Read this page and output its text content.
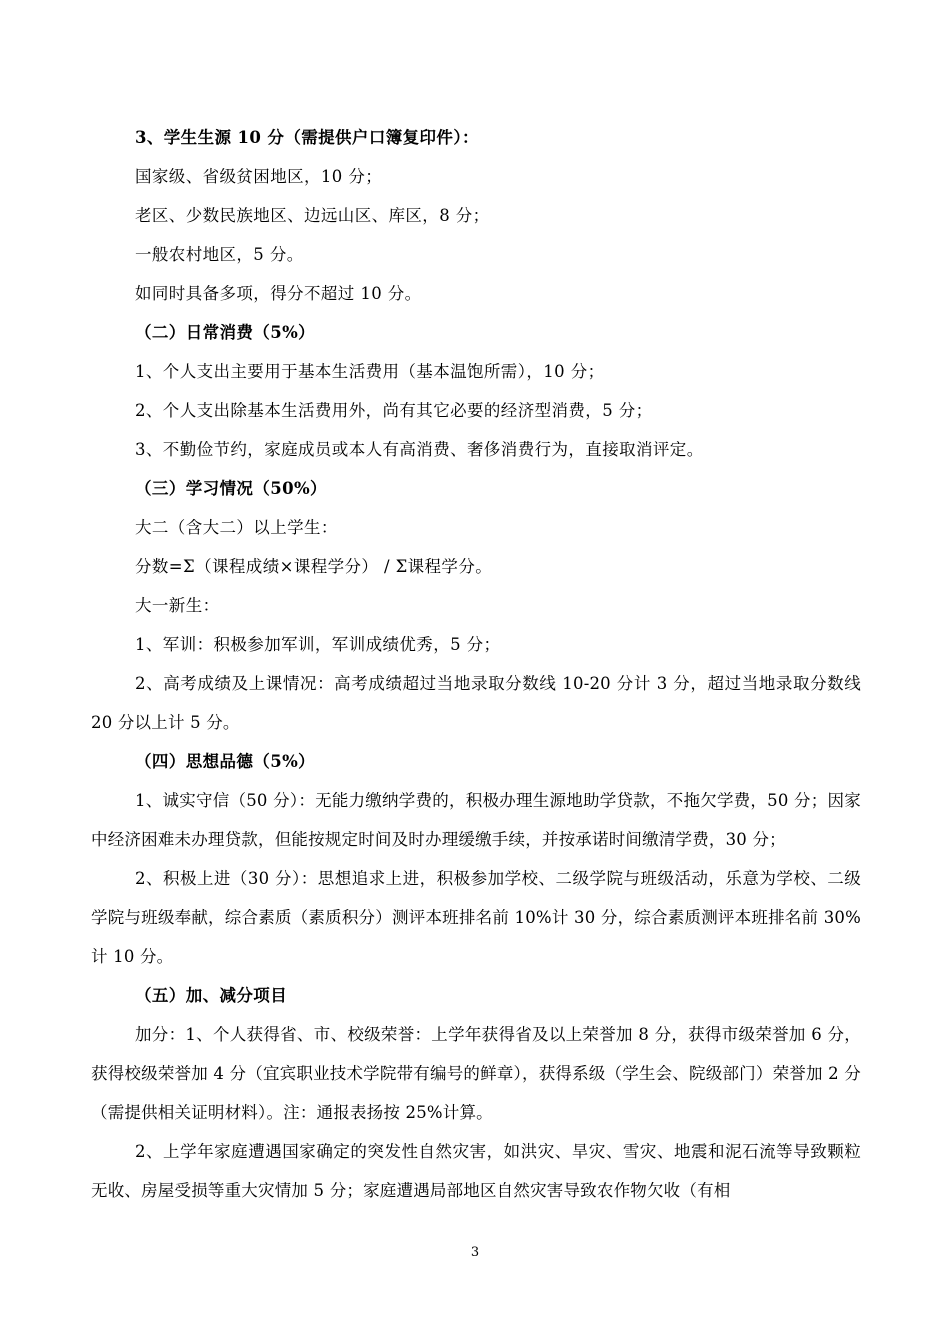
3、学生生源 10 分（需提供户口簿复印件）：
国家级、省级贫困地区，10 分；
老区、少数民族地区、边远山区、库区，8 分；
一般农村地区，5 分。
如同时具备多项，得分不超过 10 分。
（二）日常消费（5%）
1、个人支出主要用于基本生活费用（基本温饱所需），10 分；
2、个人支出除基本生活费用外，尚有其它必要的经济型消费，5 分；
3、不勤俭节约，家庭成员或本人有高消费、奢侈消费行为，直接取消评定。
（三）学习情况（50%）
大二（含大二）以上学生：
分数=Σ（课程成绩×课程学分） / Σ课程学分。
大一新生：
1、军训：积极参加军训，军训成绩优秀，5 分；
2、高考成绩及上课情况：高考成绩超过当地录取分数线 10-20 分计 3 分，超过当地录取分数线 20 分以上计 5 分。
（四）思想品德（5%）
1、诚实守信（50 分）：无能力缴纳学费的，积极办理生源地助学贷款，不拖欠学费，50 分；因家中经济困难未办理贷款，但能按规定时间及时办理缓缴手续，并按承诺时间缴清学费，30 分；
2、积极上进（30 分）：思想追求上进，积极参加学校、二级学院与班级活动，乐意为学校、二级学院与班级奉献，综合素质（素质积分）测评本班排名前 10%计 30 分，综合素质测评本班排名前 30%计 10 分。
（五）加、减分项目
加分：1、个人获得省、市、校级荣誉：上学年获得省及以上荣誉加 8 分，获得市级荣誉加 6 分，获得校级荣誉加 4 分（宜宾职业技术学院带有编号的鲜章），获得系级（学生会、院级部门）荣誉加 2 分（需提供相关证明材料）。注：通报表扬按 25%计算。
2、上学年家庭遭遇国家确定的突发性自然灾害，如洪灾、旱灾、雪灾、地震和泥石流等导致颗粒无收、房屋受损等重大灾情加 5 分；家庭遭遇局部地区自然灾害导致农作物欠收（有相
3
